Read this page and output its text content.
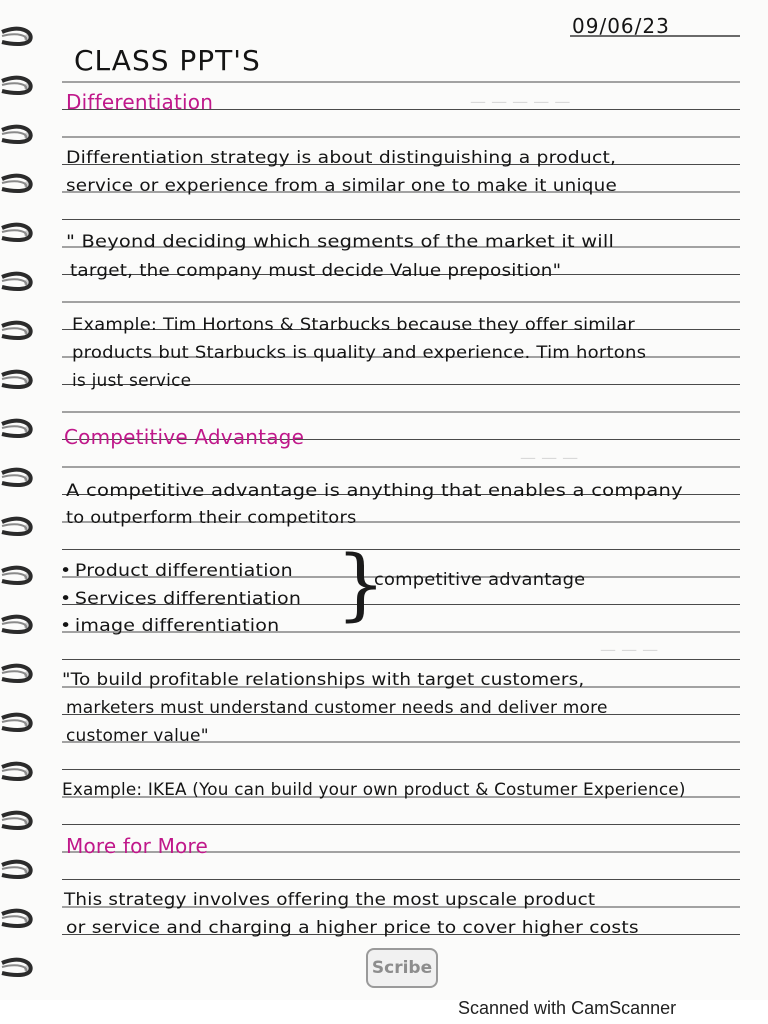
— — — — —
— — —
— — —
09/06/23
CLASS PPT'S
Differentiation
Differentiation strategy is about distinguishing a product,
service or experience from a similar one to make it unique
" Beyond deciding which segments of the market it will
target, the company must decide Value preposition"
Example: Tim Hortons & Starbucks because they offer similar
products but Starbucks is quality and experience. Tim hortons
is just service
Competitive Advantage
A competitive advantage is anything that enables a company
to outperform their competitors
• Product differentiation
• Services differentiation
• image differentiation }
competitive advantage
"To build profitable relationships with target customers,
marketers must understand customer needs and deliver more
customer value"
Example: IKEA (You can build your own product & Costumer Experience)
More for More
This strategy involves offering the most upscale product
or service and charging a higher price to cover higher costs
Scribe
Scanned with CamScanner
